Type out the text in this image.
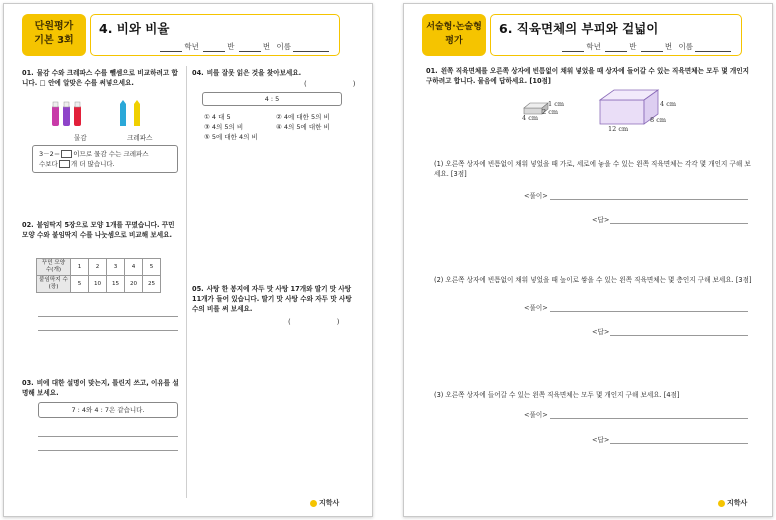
단원평가
기본 3회
4. 비와 비율
학년	반	번 이름
01. 물감 수와 크레파스 수를 뺄셈으로 비교하려고 합니다. □ 안에 알맞은 수를 써넣으세요.
물감	크레파스
3－2＝ 이므로 물감 수는 크레파스
수보다 개 더 많습니다.
02. 붙임딱지 5장으로 모양 1개를 꾸몄습니다. 꾸민 모양 수와 붙임딱지 수를 나눗셈으로 비교해 보세요.
꾸민 모양 수(개)	1	2	3	4	5
붙임딱지 수(장)	5	10	15	20	25
03. 비에 대한 설명이 맞는지, 틀린지 쓰고, 이유를 설명해 보세요.
7 : 4와 4 : 7은 같습니다.
04. 비를 잘못 읽은 것을 찾아보세요.
(	)
4 : 5
① 4 대 5	② 4에 대한 5의 비
③ 4의 5의 비	④ 4의 5에 대한 비
⑤ 5에 대한 4의 비
05. 사탕 한 봉지에 자두 맛 사탕 17개와 딸기 맛 사탕 11개가 들어 있습니다. 딸기 맛 사탕 수와 자두 맛 사탕 수의 비를 써 보세요.
(	)
지학사
서술형·논술형
평가
6. 직육면체의 부피와 겉넓이
학년	반	번 이름
01. 왼쪽 직육면체를 오른쪽 상자에 빈틈없이 채워 넣었을 때 상자에 들어갈 수 있는 직육면체는 모두 몇 개인지 구하려고 합니다. 물음에 답하세요. [10점]
1 cm
2 cm
4 cm
4 cm
8 cm
12 cm
(1) 오른쪽 상자에 빈틈없이 채워 넣었을 때 가로, 세로에 놓을 수 있는 왼쪽 직육면체는 각각 몇 개인지 구해 보세요. [3점]
<풀이>
<답>
(2) 오른쪽 상자에 빈틈없이 채워 넣었을 때 높이로 쌓을 수 있는 왼쪽 직육면체는 몇 층인지 구해 보세요. [3점]
<풀이>
<답>
(3) 오른쪽 상자에 들어갈 수 있는 왼쪽 직육면체는 모두 몇 개인지 구해 보세요. [4점]
<풀이>
<답>
지학사
